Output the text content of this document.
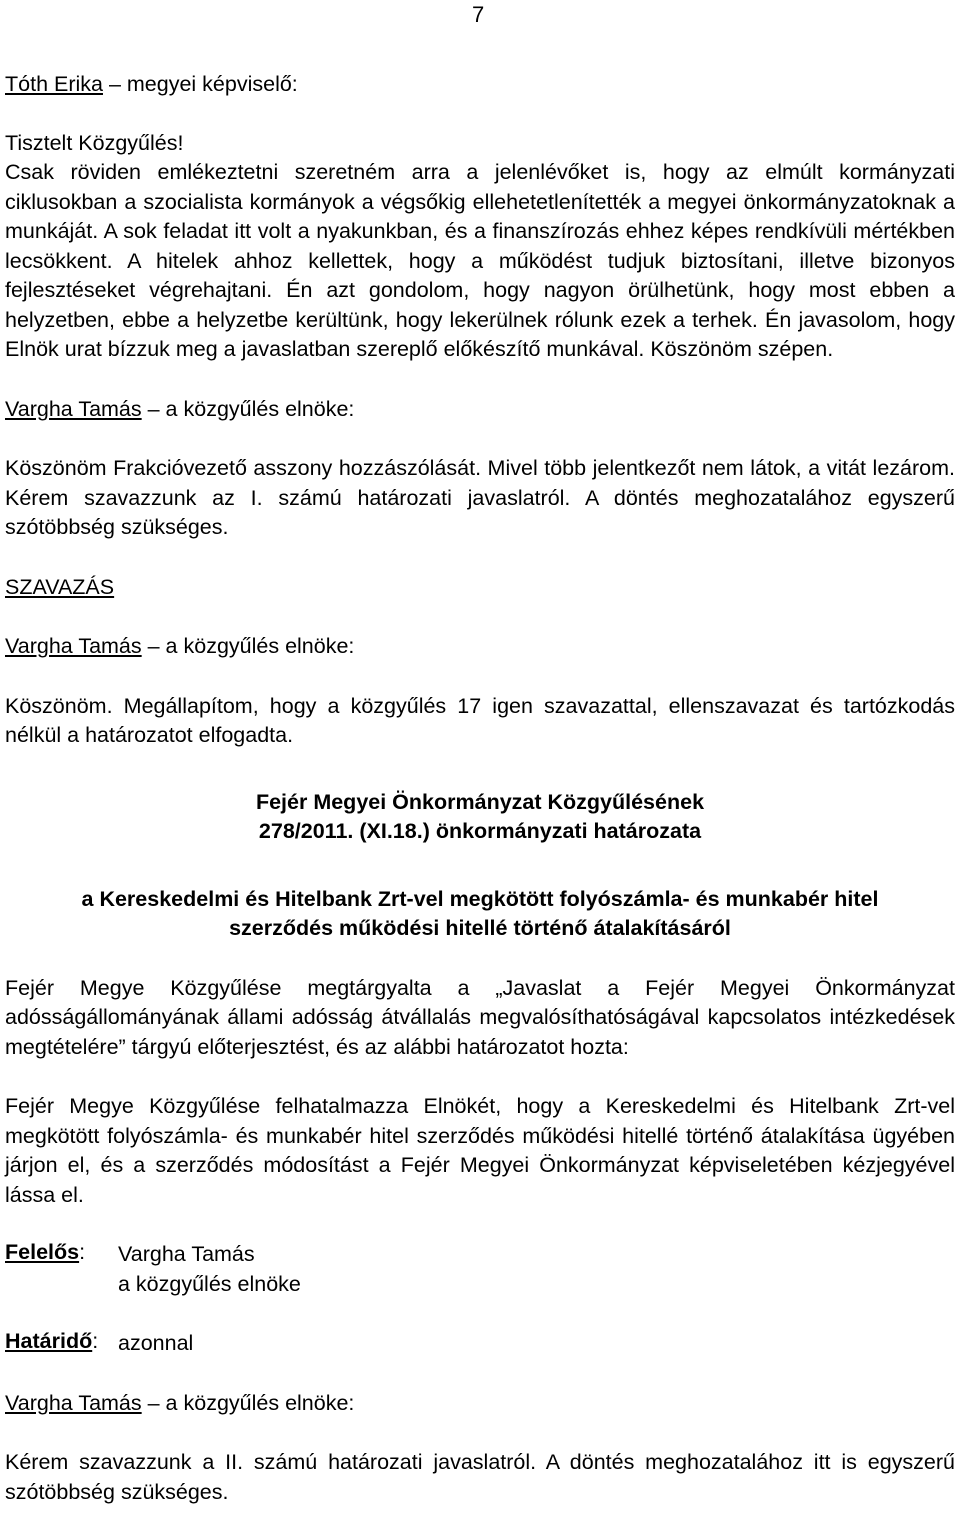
7

Tóth Erika – megyei képviselő:

Tisztelt Közgyűlés!

Csak röviden emlékeztetni szeretném arra a jelenlévőket is, hogy az elmúlt kormányzati ciklusokban a szocialista kormányok a végsőkig ellehetetlenítették a megyei önkormányzatoknak a munkáját. A sok feladat itt volt a nyakunkban, és a finanszírozás ehhez képes rendkívüli mértékben lecsökkent. A hitelek ahhoz kellettek, hogy a működést tudjuk biztosítani, illetve bizonyos fejlesztéseket végrehajtani. Én azt gondolom, hogy nagyon örülhetünk, hogy most ebben a helyzetben, ebbe a helyzetbe kerültünk, hogy lekerülnek rólunk ezek a terhek. Én javasolom, hogy Elnök urat bízzuk meg a javaslatban szereplő előkészítő munkával. Köszönöm szépen.

Vargha Tamás – a közgyűlés elnöke:

Köszönöm Frakcióvezető asszony hozzászólását. Mivel több jelentkezőt nem látok, a vitát lezárom. Kérem szavazzunk az I. számú határozati javaslatról. A döntés meghozatalához egyszerű szótöbbség szükséges.

SZAVAZÁS

Vargha Tamás – a közgyűlés elnöke:

Köszönöm. Megállapítom, hogy a közgyűlés 17 igen szavazattal, ellenszavazat és tartózkodás nélkül a határozatot elfogadta.

Fejér Megyei Önkormányzat Közgyűlésének

278/2011. (XI.18.) önkormányzati határozata

a Kereskedelmi és Hitelbank Zrt-vel megkötött folyószámla- és munkabér hitel

szerződés működési hitellé történő átalakításáról

Fejér Megye Közgyűlése megtárgyalta a „Javaslat a Fejér Megyei Önkormányzat adósságállományának állami adósság átvállalás megvalósíthatóságával kapcsolatos intézkedések megtételére” tárgyú előterjesztést, és az alábbi határozatot hozta:

Fejér Megye Közgyűlése felhatalmazza Elnökét, hogy a Kereskedelmi és Hitelbank Zrt-vel megkötött folyószámla- és munkabér hitel szerződés működési hitellé történő átalakítása ügyében járjon el, és a szerződés módosítást a Fejér Megyei Önkormányzat képviseletében kézjegyével lássa el.

Felelős:	Vargha Tamás

a közgyűlés elnöke

Határidő: azonnal

Vargha Tamás – a közgyűlés elnöke:

Kérem szavazzunk a II. számú határozati javaslatról. A döntés meghozatalához itt is egyszerű szótöbbség szükséges.
